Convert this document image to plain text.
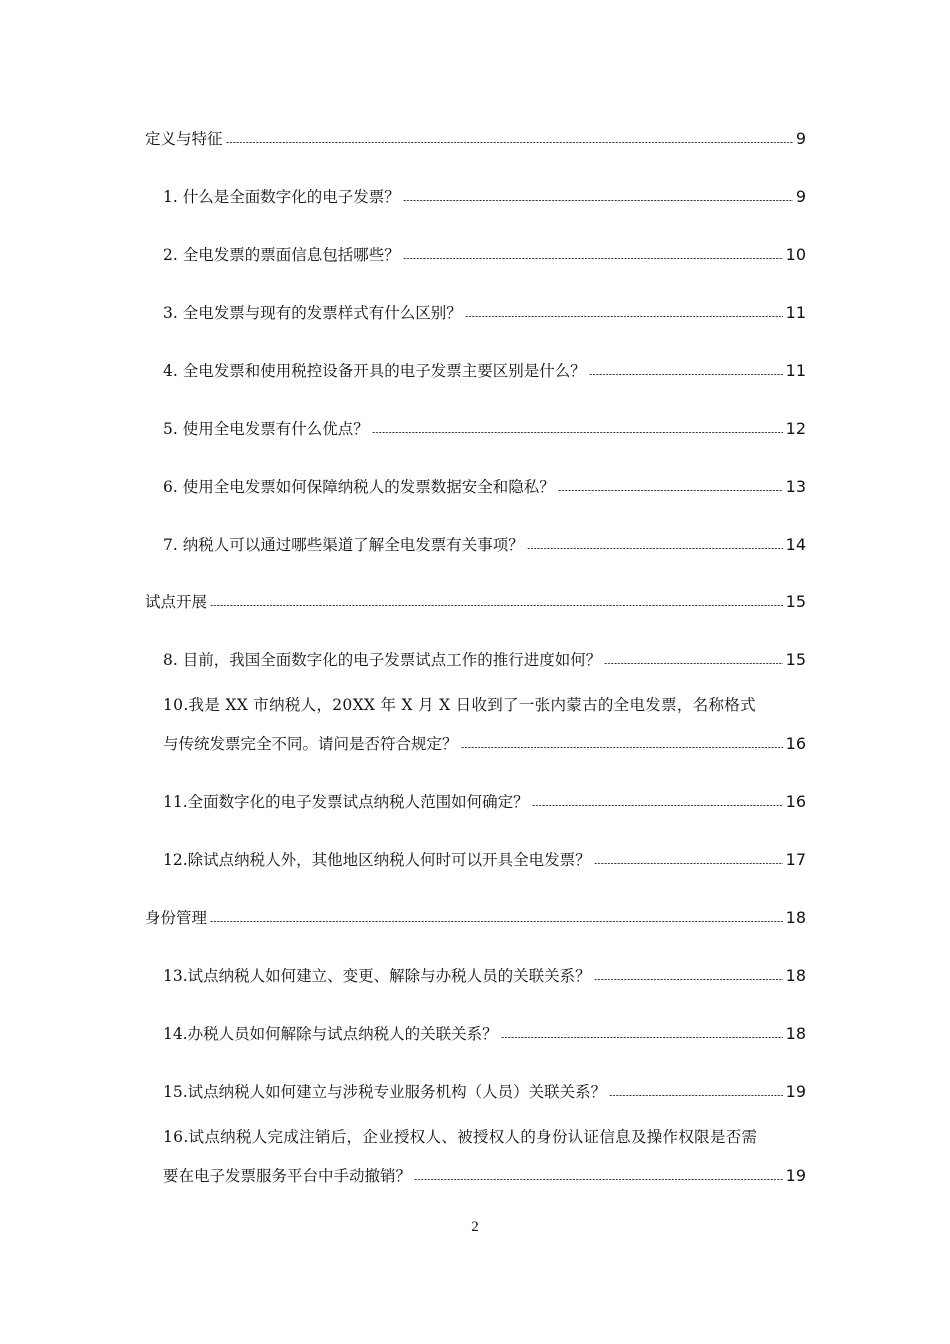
定义与特征	9
1. 什么是全面数字化的电子发票？	9
2. 全电发票的票面信息包括哪些？	10
3. 全电发票与现有的发票样式有什么区别？	11
4. 全电发票和使用税控设备开具的电子发票主要区别是什么？	11
5. 使用全电发票有什么优点？	12
6. 使用全电发票如何保障纳税人的发票数据安全和隐私？	13
7. 纳税人可以通过哪些渠道了解全电发票有关事项？	14
试点开展	15
8. 目前，我国全面数字化的电子发票试点工作的推行进度如何？	15
10.我是 XX 市纳税人，20XX 年 X 月 X 日收到了一张内蒙古的全电发票，名称格式
与传统发票完全不同。请问是否符合规定？	16
11.全面数字化的电子发票试点纳税人范围如何确定？	16
12.除试点纳税人外，其他地区纳税人何时可以开具全电发票？	17
身份管理	18
13.试点纳税人如何建立、变更、解除与办税人员的关联关系？	18
14.办税人员如何解除与试点纳税人的关联关系？	18
15.试点纳税人如何建立与涉税专业服务机构（人员）关联关系？	19
16.试点纳税人完成注销后，企业授权人、被授权人的身份认证信息及操作权限是否需
要在电子发票服务平台中手动撤销？	19
2
